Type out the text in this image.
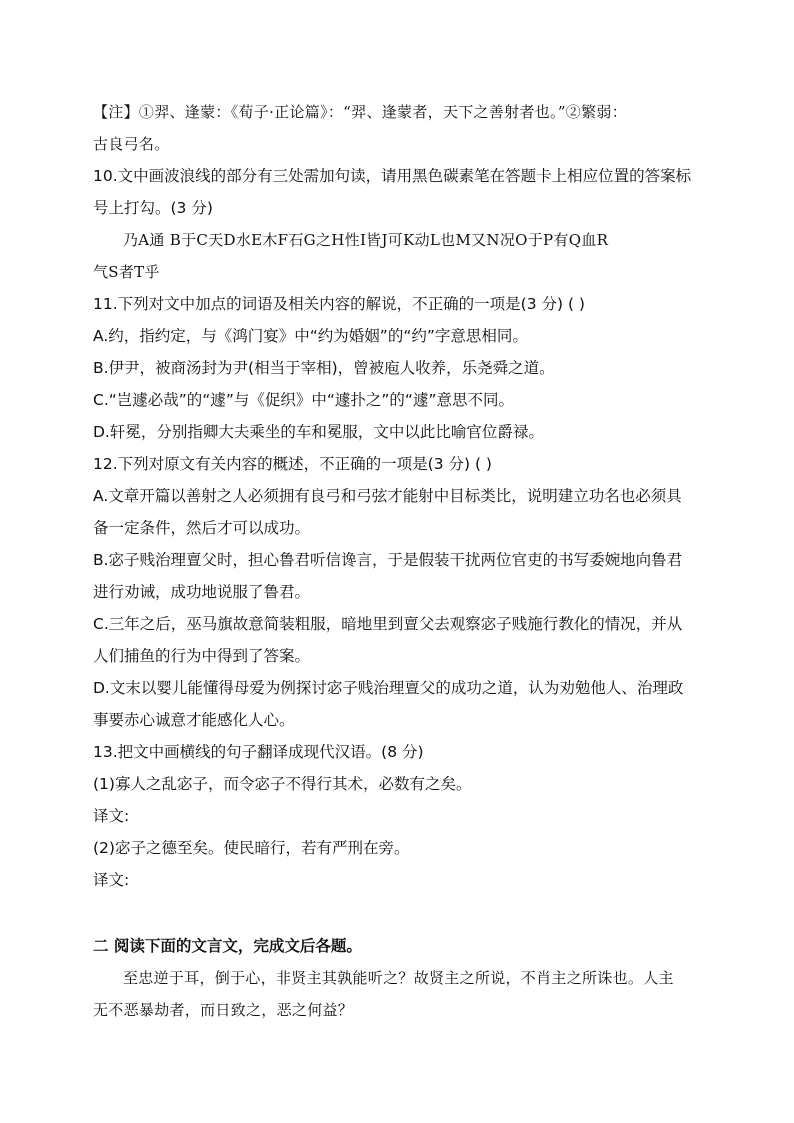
【注】①羿、逢蒙：《荀子·正论篇》：“羿、逢蒙者，天下之善射者也。”②繁弱：
古良弓名。
10.文中画波浪线的部分有三处需加句读，请用黑色碳素笔在答题卡上相应位置的答案标
号上打勾。(3 分)
乃A通 B于C天D水E木F石G之H性I皆J可K动L也M又N况O于P有Q血R
气S者T乎
11.下列对文中加点的词语及相关内容的解说，不正确的一项是(3 分) ( )
A.约，指约定，与《鸿门宴》中“约为婚姻”的“约”字意思相同。
B.伊尹，被商汤封为尹(相当于宰相)，曾被庖人收养，乐尧舜之道。
C.“岂遽必哉”的“遽”与《促织》中“遽扑之”的“遽”意思不同。
D.轩冕，分别指卿大夫乘坐的车和冕服，文中以此比喻官位爵禄。
12.下列对原文有关内容的概述，不正确的一项是(3 分) ( )
A.文章开篇以善射之人必须拥有良弓和弓弦才能射中目标类比，说明建立功名也必须具
备一定条件，然后才可以成功。
B.宓子贱治理亶父时，担心鲁君听信谗言，于是假装干扰两位官吏的书写委婉地向鲁君
进行劝诫，成功地说服了鲁君。
C.三年之后，巫马旗故意简装粗服，暗地里到亶父去观察宓子贱施行教化的情况，并从
人们捕鱼的行为中得到了答案。
D.文末以婴儿能懂得母爱为例探讨宓子贱治理亶父的成功之道，认为劝勉他人、治理政
事要赤心诚意才能感化人心。
13.把文中画横线的句子翻译成现代汉语。(8 分)
(1)寡人之乱宓子，而令宓子不得行其术，必数有之矣。
译文:
(2)宓子之德至矣。使民暗行，若有严刑在旁。
译文:
二 阅读下面的文言文，完成文后各题。
至忠逆于耳，倒于心，非贤主其孰能听之？故贤主之所说，不肖主之所诛也。人主
无不恶暴劫者，而日致之，恶之何益？
